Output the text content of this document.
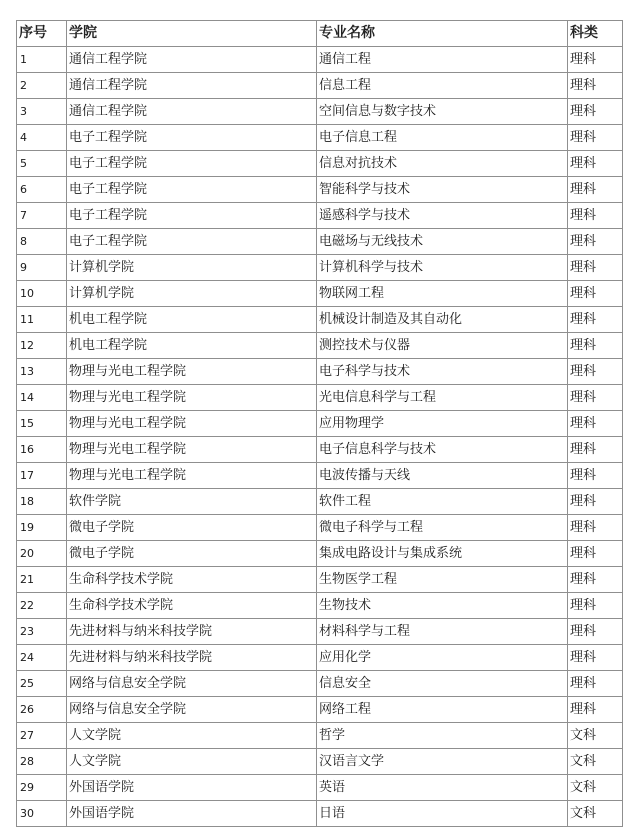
序号	学院	专业名称	科类
1	通信工程学院	通信工程	理科
2	通信工程学院	信息工程	理科
3	通信工程学院	空间信息与数字技术	理科
4	电子工程学院	电子信息工程	理科
5	电子工程学院	信息对抗技术	理科
6	电子工程学院	智能科学与技术	理科
7	电子工程学院	遥感科学与技术	理科
8	电子工程学院	电磁场与无线技术	理科
9	计算机学院	计算机科学与技术	理科
10	计算机学院	物联网工程	理科
11	机电工程学院	机械设计制造及其自动化	理科
12	机电工程学院	测控技术与仪器	理科
13	物理与光电工程学院	电子科学与技术	理科
14	物理与光电工程学院	光电信息科学与工程	理科
15	物理与光电工程学院	应用物理学	理科
16	物理与光电工程学院	电子信息科学与技术	理科
17	物理与光电工程学院	电波传播与天线	理科
18	软件学院	软件工程	理科
19	微电子学院	微电子科学与工程	理科
20	微电子学院	集成电路设计与集成系统	理科
21	生命科学技术学院	生物医学工程	理科
22	生命科学技术学院	生物技术	理科
23	先进材料与纳米科技学院	材料科学与工程	理科
24	先进材料与纳米科技学院	应用化学	理科
25	网络与信息安全学院	信息安全	理科
26	网络与信息安全学院	网络工程	理科
27	人文学院	哲学	文科
28	人文学院	汉语言文学	文科
29	外国语学院	英语	文科
30	外国语学院	日语	文科
